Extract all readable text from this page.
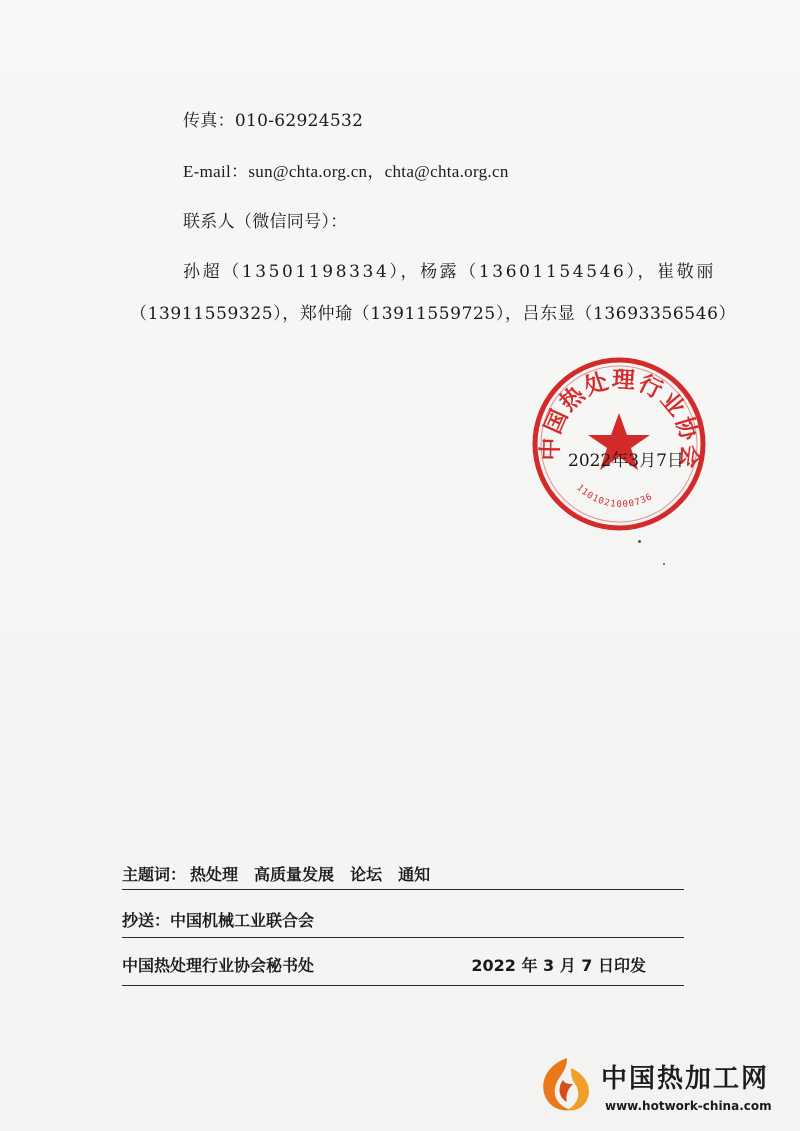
传真：010-62924532
E-mail：sun@chta.org.cn，chta@chta.org.cn
联系人（微信同号）：
孙超（13501198334），杨露（13601154546），崔敬丽
（13911559325），郑仲瑜（13911559725），吕东显（13693356546）
中国热处理行业协会
1101021000736
2022年3月7日
主题词： 热处理 高质量发展 论坛 通知
抄送：中国机械工业联合会
中国热处理行业协会秘书处	2022 年 3 月 7 日印发
中国热加工网
www.hotwork-china.com
